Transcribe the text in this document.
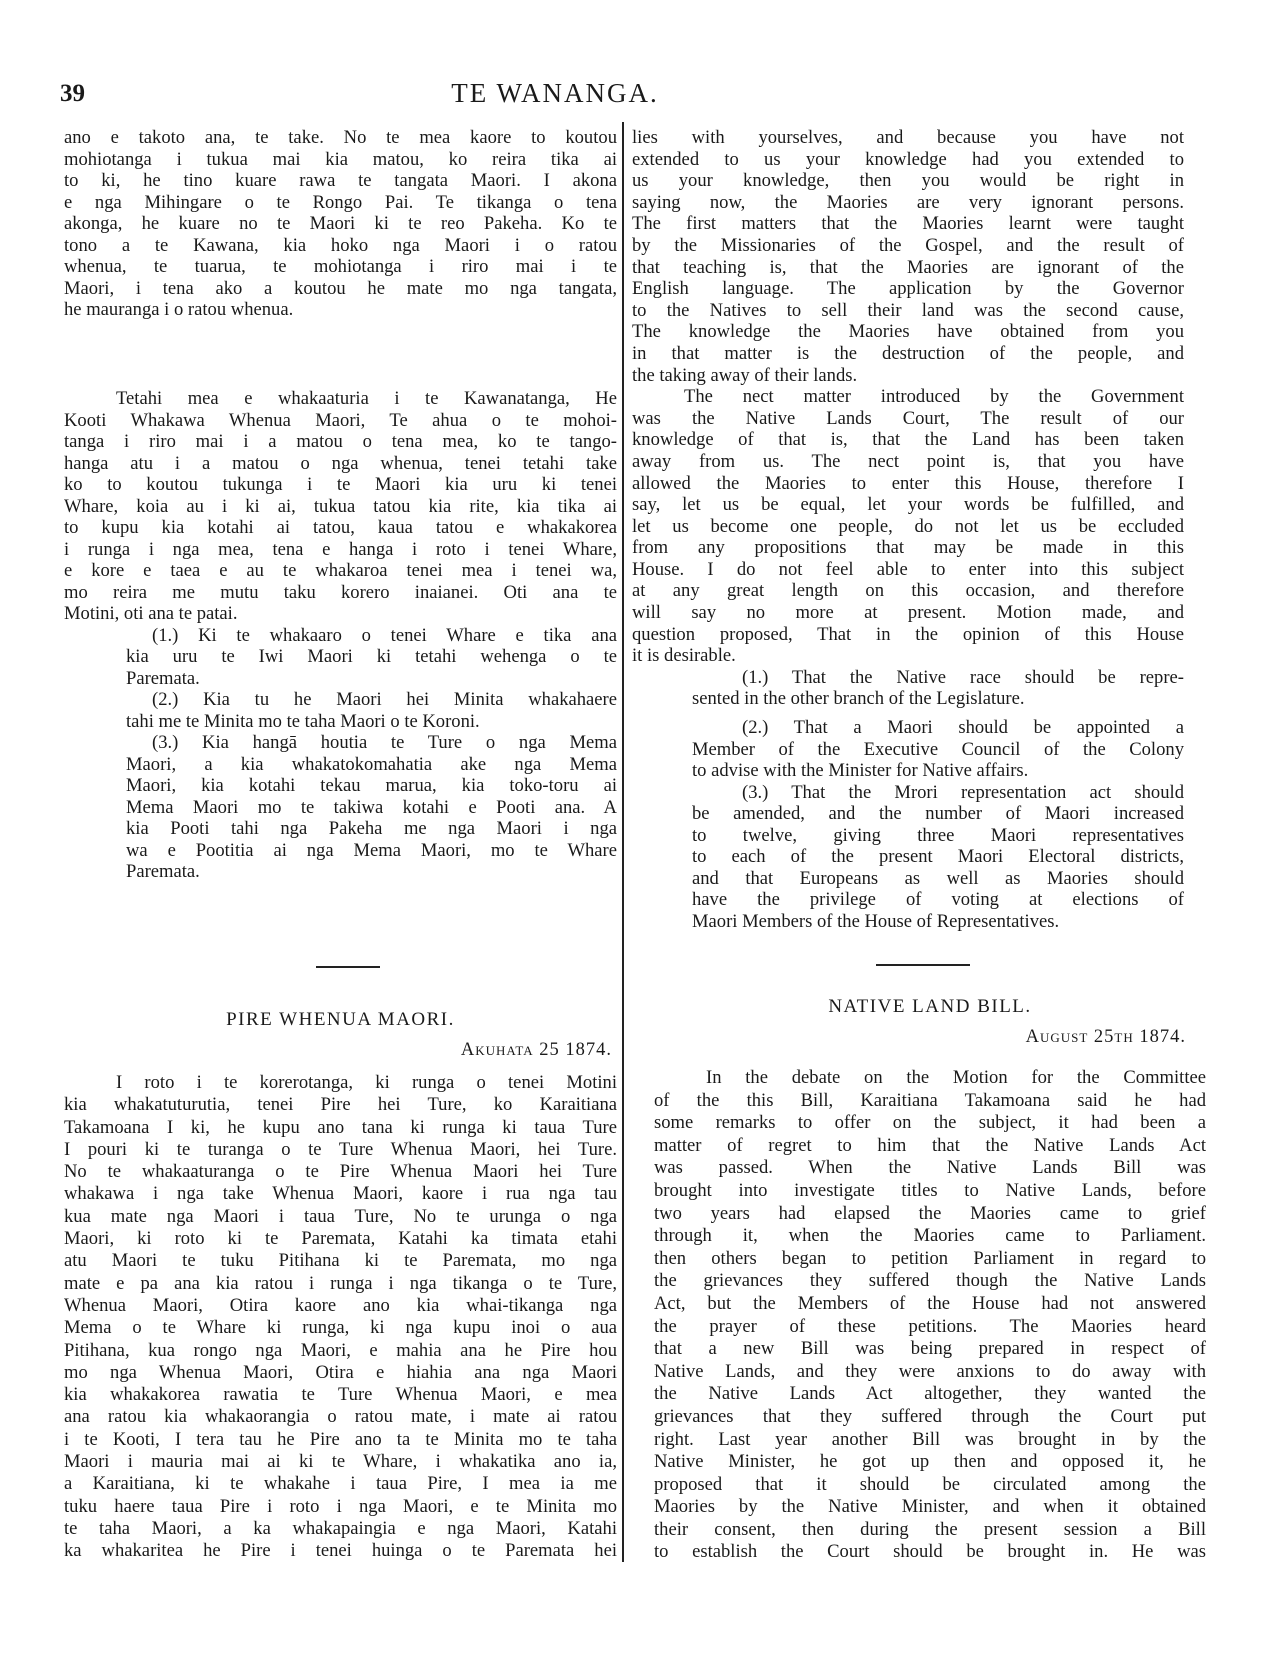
39	TE WANANGA.
ano e takoto ana, te take. No te mea kaore to koutou
mohiotanga i tukua mai kia matou, ko reira tika ai
to ki, he tino kuare rawa te tangata Maori. I akona
e nga Mihingare o te Rongo Pai. Te tikanga o tena
akonga, he kuare no te Maori ki te reo Pakeha. Ko te
tono a te Kawana, kia hoko nga Maori i o ratou
whenua, te tuarua, te mohiotanga i riro mai i te
Maori, i tena ako a koutou he mate mo nga tangata,
he mauranga i o ratou whenua.
Tetahi mea e whakaaturia i te Kawanatanga, He
Kooti Whakawa Whenua Maori, Te ahua o te mohoi-
tanga i riro mai i a matou o tena mea, ko te tango-
hanga atu i a matou o nga whenua, tenei tetahi take
ko to koutou tukunga i te Maori kia uru ki tenei
Whare, koia au i ki ai, tukua tatou kia rite, kia tika ai
to kupu kia kotahi ai tatou, kaua tatou e whakakorea
i runga i nga mea, tena e hanga i roto i tenei Whare,
e kore e taea e au te whakaroa tenei mea i tenei wa,
mo reira me mutu taku korero inaianei. Oti ana te
Motini, oti ana te patai.
(1.) Ki te whakaaro o tenei Whare e tika ana
kia uru te Iwi Maori ki tetahi wehenga o te
Paremata.
(2.) Kia tu he Maori hei Minita whakahaere
tahi me te Minita mo te taha Maori o te Koroni.
(3.) Kia hangā houtia te Ture o nga Mema
Maori, a kia whakatokomahatia ake nga Mema
Maori, kia kotahi tekau marua, kia toko-toru ai
Mema Maori mo te takiwa kotahi e Pooti ana. A
kia Pooti tahi nga Pakeha me nga Maori i nga
wa e Pootitia ai nga Mema Maori, mo te Whare
Paremata.
PIRE WHENUA MAORI.
Akuhata 25 1874.
I roto i te korerotanga, ki runga o tenei Motini
kia whakatuturutia, tenei Pire hei Ture, ko Karaitiana
Takamoana I ki, he kupu ano tana ki runga ki taua Ture
I pouri ki te turanga o te Ture Whenua Maori, hei Ture.
No te whakaaturanga o te Pire Whenua Maori hei Ture
whakawa i nga take Whenua Maori, kaore i rua nga tau
kua mate nga Maori i taua Ture, No te urunga o nga
Maori, ki roto ki te Paremata, Katahi ka timata etahi
atu Maori te tuku Pitihana ki te Paremata, mo nga
mate e pa ana kia ratou i runga i nga tikanga o te Ture,
Whenua Maori, Otira kaore ano kia whai-tikanga nga
Mema o te Whare ki runga, ki nga kupu inoi o aua
Pitihana, kua rongo nga Maori, e mahia ana he Pire hou
mo nga Whenua Maori, Otira e hiahia ana nga Maori
kia whakakorea rawatia te Ture Whenua Maori, e mea
ana ratou kia whakaorangia o ratou mate, i mate ai ratou
i te Kooti, I tera tau he Pire ano ta te Minita mo te taha
Maori i mauria mai ai ki te Whare, i whakatika ano ia,
a Karaitiana, ki te whakahe i taua Pire, I mea ia me
tuku haere taua Pire i roto i nga Maori, e te Minita mo
te taha Maori, a ka whakapaingia e nga Maori, Katahi
ka whakaritea he Pire i tenei huinga o te Paremata hei
lies with yourselves, and because you have not
extended to us your knowledge had you extended to
us your knowledge, then you would be right in
saying now, the Maories are very ignorant persons.
The first matters that the Maories learnt were taught
by the Missionaries of the Gospel, and the result of
that teaching is, that the Maories are ignorant of the
English language. The application by the Governor
to the Natives to sell their land was the second cause,
The knowledge the Maories have obtained from you
in that matter is the destruction of the people, and
the taking away of their lands.
The nect matter introduced by the Government
was the Native Lands Court, The result of our
knowledge of that is, that the Land has been taken
away from us. The nect point is, that you have
allowed the Maories to enter this House, therefore I
say, let us be equal, let your words be fulfilled, and
let us become one people, do not let us be eccluded
from any propositions that may be made in this
House. I do not feel able to enter into this subject
at any great length on this occasion, and therefore
will say no more at present. Motion made, and
question proposed, That in the opinion of this House
it is desirable.
(1.) That the Native race should be repre-
sented in the other branch of the Legislature.
(2.) That a Maori should be appointed a
Member of the Executive Council of the Colony
to advise with the Minister for Native affairs.
(3.) That the Mrori representation act should
be amended, and the number of Maori increased
to twelve, giving three Maori representatives
to each of the present Maori Electoral districts,
and that Europeans as well as Maories should
have the privilege of voting at elections of
Maori Members of the House of Representatives.
NATIVE LAND BILL.
August 25th 1874.
In the debate on the Motion for the Committee
of the this Bill, Karaitiana Takamoana said he had
some remarks to offer on the subject, it had been a
matter of regret to him that the Native Lands Act
was passed. When the Native Lands Bill was
brought into investigate titles to Native Lands, before
two years had elapsed the Maories came to grief
through it, when the Maories came to Parliament.
then others began to petition Parliament in regard to
the grievances they suffered though the Native Lands
Act, but the Members of the House had not answered
the prayer of these petitions. The Maories heard
that a new Bill was being prepared in respect of
Native Lands, and they were anxions to do away with
the Native Lands Act altogether, they wanted the
grievances that they suffered through the Court put
right. Last year another Bill was brought in by the
Native Minister, he got up then and opposed it, he
proposed that it should be circulated among the
Maories by the Native Minister, and when it obtained
their consent, then during the present session a Bill
to establish the Court should be brought in. He was
